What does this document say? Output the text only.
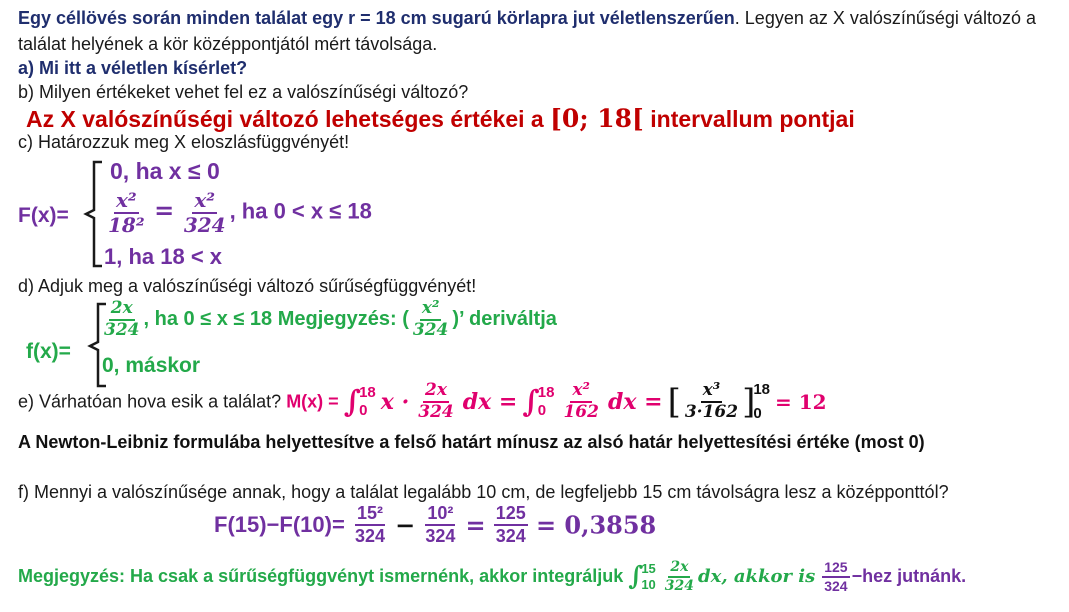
Egy céllövés során minden találat egy r = 18 cm sugarú körlapra jut véletlenszerűen. Legyen az X valószínűségi változó a
találat helyének a kör középpontjától mért távolsága.
a) Mi itt a véletlen kísérlet?
b) Milyen értékeket vehet fel ez a valószínűségi változó?
Az X valószínűségi változó lehetséges értékei a [0; 18[ intervallum pontjai
c) Határozzuk meg X eloszlásfüggvényét!
F(x)=
0, ha x ≤ 0
$\frac{\text{x²}}{\text{18²}} = \frac{\text{x²}}{324}$ , ha 0 < x ≤ 18
1, ha 18 < x
d) Adjuk meg a valószínűségi változó sűrűségfüggvényét!
f(x)=
$\frac{2x}{324}$ , ha 0 ≤ x ≤ 18 Megjegyzés: ( $\frac{\text{x²}}{324}$ )’ deriváltja
0, máskor
e) Várhatóan hova esik a találat? M(x) = ∫
18
0 $x \cdot \frac{2x}{324}$ dx = ∫
18
0
$\frac{\text{x²}}{162}$ dx = [ $\frac{\text{x³}}{3\cdot 162}$ ]
18
0 = 12
A Newton-Leibniz formulába helyettesítve a felső határt mínusz az alsó határ helyettesítési értéke (most 0)
f) Mennyi a valószínűsége annak, hogy a találat legalább 10 cm, de legfeljebb 15 cm távolságra lesz a középponttól?
$F(15)-F(10)= \frac{\text{15²}}{324} - \frac{\text{10²}}{324} = \frac{125}{324} = 0,3858$
Megjegyzés: Ha csak a sűrűségfüggvényt ismernénk, akkor integráljuk ∫
15
10
$\frac{2x}{324}$ dx, akkor is $\frac{125}{324} -hez$ jutnánk.
